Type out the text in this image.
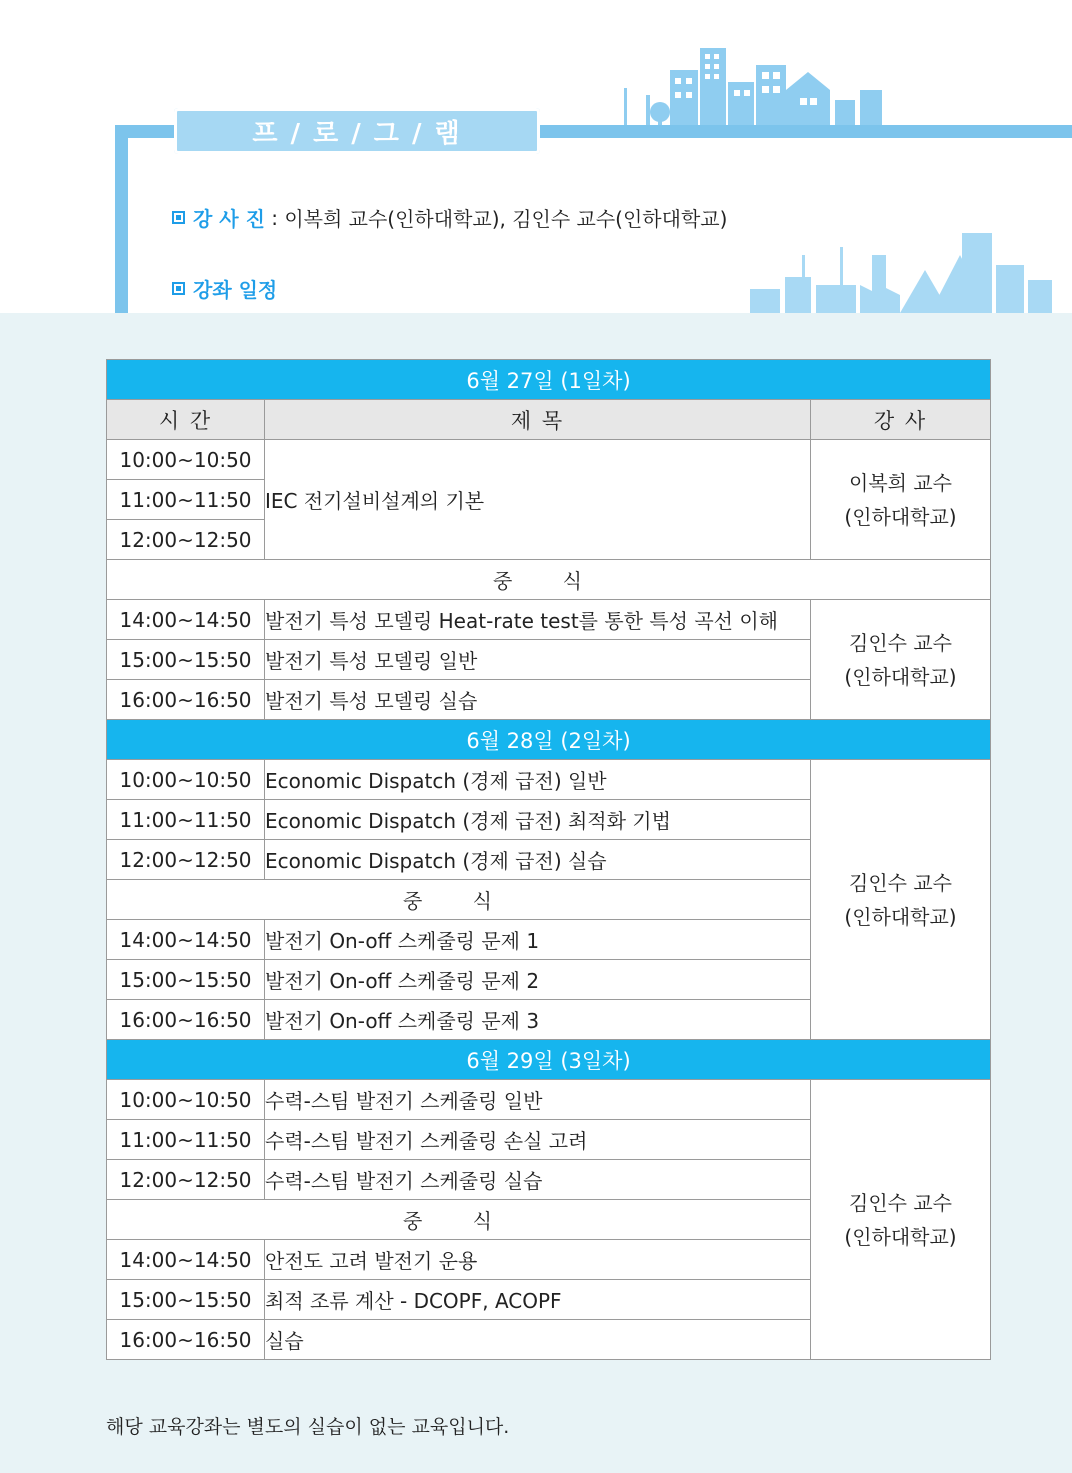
프 / 로 / 그 / 램
강 사 진 : 이복희 교수(인하대학교), 김인수 교수(인하대학교)
강좌 일정
6월 27일 (1일차)		
시 간	제 목	강 사
10:00~10:50	IEC 전기설비설계의 기본	이복희 교수
(인하대학교)

11:00~11:50		
12:00~12:50		
중 식		
14:00~14:50	발전기 특성 모델링 Heat-rate test를 통한 특성 곡선 이해	김인수 교수
(인하대학교)

15:00~15:50	발전기 특성 모델링 일반	
16:00~16:50	발전기 특성 모델링 실습	
6월 28일 (2일차)		
10:00~10:50	Economic Dispatch (경제 급전) 일반	김인수 교수
(인하대학교)

11:00~11:50	Economic Dispatch (경제 급전) 최적화 기법	
12:00~12:50	Economic Dispatch (경제 급전) 실습	
중 식		
14:00~14:50	발전기 On-off 스케줄링 문제 1	
15:00~15:50	발전기 On-off 스케줄링 문제 2	
16:00~16:50	발전기 On-off 스케줄링 문제 3	
6월 29일 (3일차)		
10:00~10:50	수력-스팀 발전기 스케줄링 일반	김인수 교수
(인하대학교)

11:00~11:50	수력-스팀 발전기 스케줄링 손실 고려	
12:00~12:50	수력-스팀 발전기 스케줄링 실습	
중 식		
14:00~14:50	안전도 고려 발전기 운용	
15:00~15:50	최적 조류 계산 - DCOPF, ACOPF	
16:00~16:50	실습	
해당 교육강좌는 별도의 실습이 없는 교육입니다.
